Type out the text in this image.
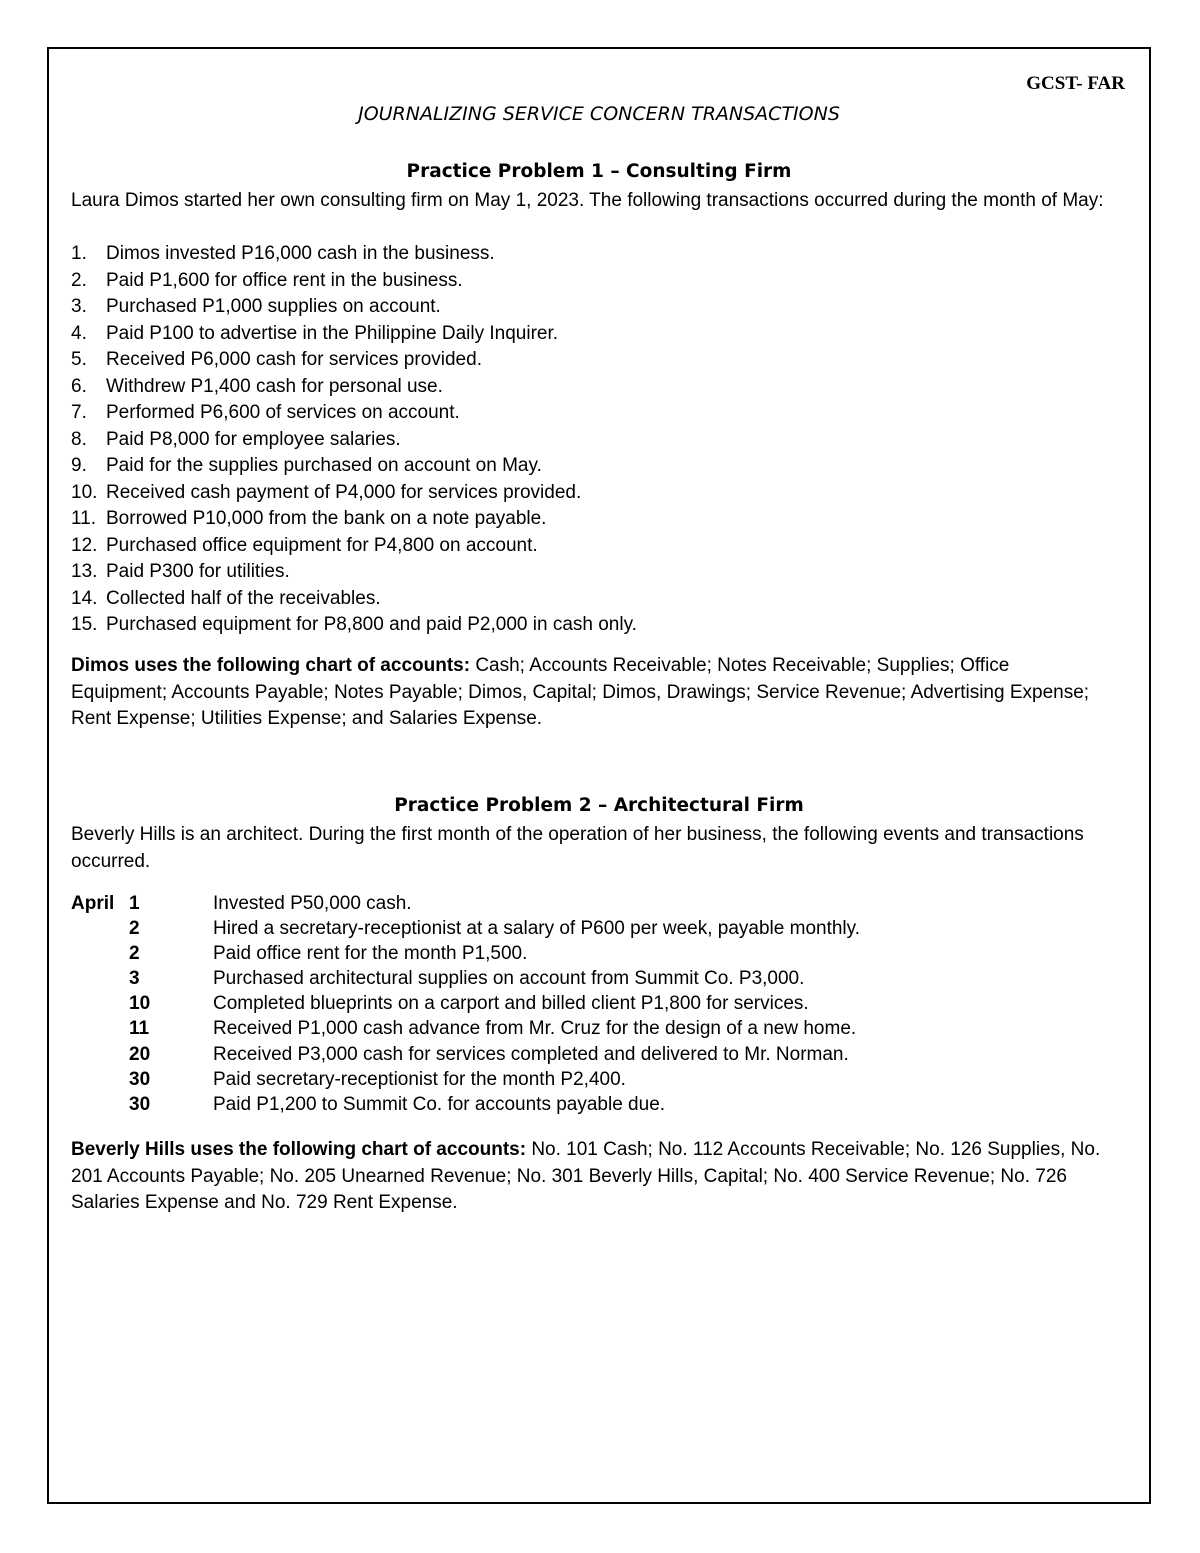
GCST- FAR
JOURNALIZING SERVICE CONCERN TRANSACTIONS
Practice Problem 1 – Consulting Firm
Laura Dimos started her own consulting firm on May 1, 2023. The following transactions occurred during the month of May:
1.	Dimos invested P16,000 cash in the business.
2.	Paid P1,600 for office rent in the business.
3.	Purchased P1,000 supplies on account.
4.	Paid P100 to advertise in the Philippine Daily Inquirer.
5.	Received P6,000 cash for services provided.
6.	Withdrew P1,400 cash for personal use.
7.	Performed P6,600 of services on account.
8.	Paid P8,000 for employee salaries.
9.	Paid for the supplies purchased on account on May.
10. Received cash payment of P4,000 for services provided.
11. Borrowed P10,000 from the bank on a note payable.
12. Purchased office equipment for P4,800 on account.
13. Paid P300 for utilities.
14. Collected half of the receivables.
15. Purchased equipment for P8,800 and paid P2,000 in cash only.
Dimos uses the following chart of accounts: Cash; Accounts Receivable; Notes Receivable; Supplies; Office Equipment; Accounts Payable; Notes Payable; Dimos, Capital; Dimos, Drawings; Service Revenue; Advertising Expense; Rent Expense; Utilities Expense; and Salaries Expense.
Practice Problem 2 – Architectural Firm
Beverly Hills is an architect. During the first month of the operation of her business, the following events and transactions occurred.
April	1	Invested P50,000 cash.
	2	Hired a secretary-receptionist at a salary of P600 per week, payable monthly.
	2	Paid office rent for the month P1,500.
	3	Purchased architectural supplies on account from Summit Co. P3,000.
	10	Completed blueprints on a carport and billed client P1,800 for services.
	11	Received P1,000 cash advance from Mr. Cruz for the design of a new home.
	20	Received P3,000 cash for services completed and delivered to Mr. Norman.
	30	Paid secretary-receptionist for the month P2,400.
	30	Paid P1,200 to Summit Co. for accounts payable due.
Beverly Hills uses the following chart of accounts: No. 101 Cash; No. 112 Accounts Receivable; No. 126 Supplies, No. 201 Accounts Payable; No. 205 Unearned Revenue; No. 301 Beverly Hills, Capital; No. 400 Service Revenue; No. 726 Salaries Expense and No. 729 Rent Expense.
